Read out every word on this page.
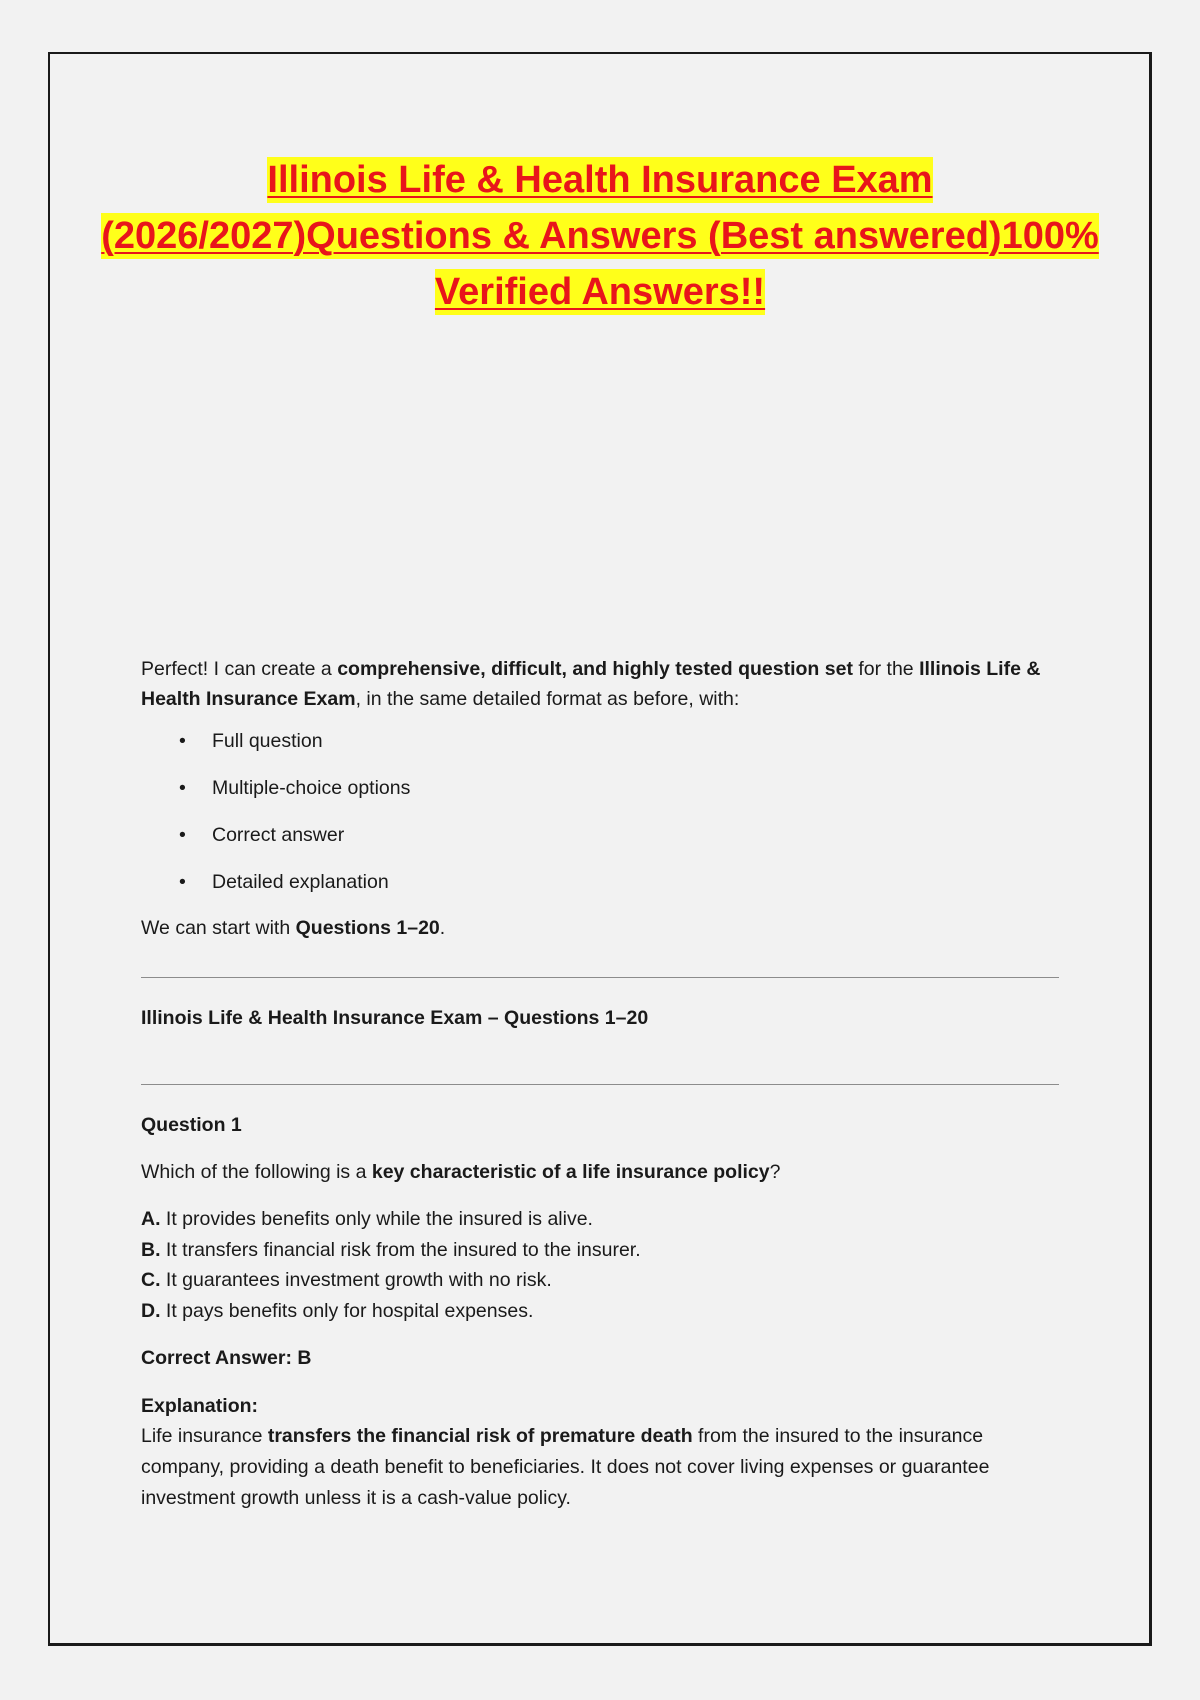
Illinois Life & Health Insurance Exam
(2026/2027)Questions & Answers (Best answered)100%
Verified Answers!!

Perfect! I can create a comprehensive, difficult, and highly tested question set for the Illinois Life & Health Insurance Exam, in the same detailed format as before, with:

• Full question
• Multiple-choice options
• Correct answer
• Detailed explanation

We can start with Questions 1–20.

Illinois Life & Health Insurance Exam – Questions 1–20

Question 1

Which of the following is a key characteristic of a life insurance policy?

A. It provides benefits only while the insured is alive.

B. It transfers financial risk from the insured to the insurer.

C. It guarantees investment growth with no risk.

D. It pays benefits only for hospital expenses.

Correct Answer: B

Explanation:

Life insurance transfers the financial risk of premature death from the insured to the insurance company, providing a death benefit to beneficiaries. It does not cover living expenses or guarantee investment growth unless it is a cash-value policy.
